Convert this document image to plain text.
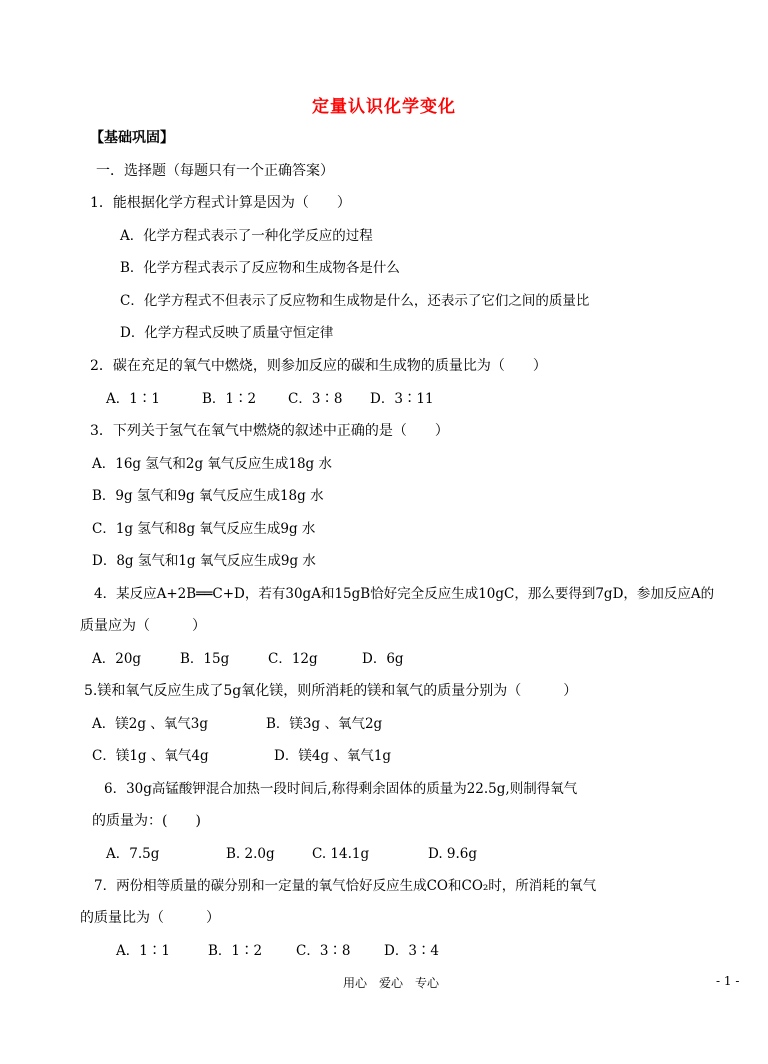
定量认识化学变化
【基础巩固】
一．选择题（每题只有一个正确答案）
1．能根据化学方程式计算是因为（　　）
A．化学方程式表示了一种化学反应的过程
B．化学方程式表示了反应物和生成物各是什么
C．化学方程式不但表示了反应物和生成物是什么，还表示了它们之间的质量比
D．化学方程式反映了质量守恒定律
2．碳在充足的氧气中燃烧，则参加反应的碳和生成物的质量比为（　　）
A．1∶1	B．1∶2 C．3∶8 D．3∶11
3．下列关于氢气在氧气中燃烧的叙述中正确的是（　　）
A．16g 氢气和2g 氧气反应生成18g 水
B．9g 氢气和9g 氧气反应生成18g 水
C．1g 氢气和8g 氧气反应生成9g 水
D．8g 氢气和1g 氧气反应生成9g 水
4．某反应A+2B══C+D，若有30gA和15gB恰好完全反应生成10gC，那么要得到7gD，参加反应A的
质量应为（　　　）
A．20g	B．15g	C．12g	D．6g
5.镁和氧气反应生成了5g氧化镁，则所消耗的镁和氧气的质量分别为（　　　）
A．镁2g 、氧气3g	B．镁3g 、氧气2g
C．镁1g 、氧气4g	D．镁4g 、氧气1g
6．30g高锰酸钾混合加热一段时间后,称得剩余固体的质量为22.5g,则制得氧气
的质量为：(　　)
A．7.5g	B. 2.0g	C. 14.1g	D. 9.6g
7．两份相等质量的碳分别和一定量的氧气恰好反应生成CO和CO₂时，所消耗的氧气
的质量比为（　　　）
A．1∶1	B．1∶2	C．3∶8 D．3∶4
用心　爱心　专心	- 1 -
